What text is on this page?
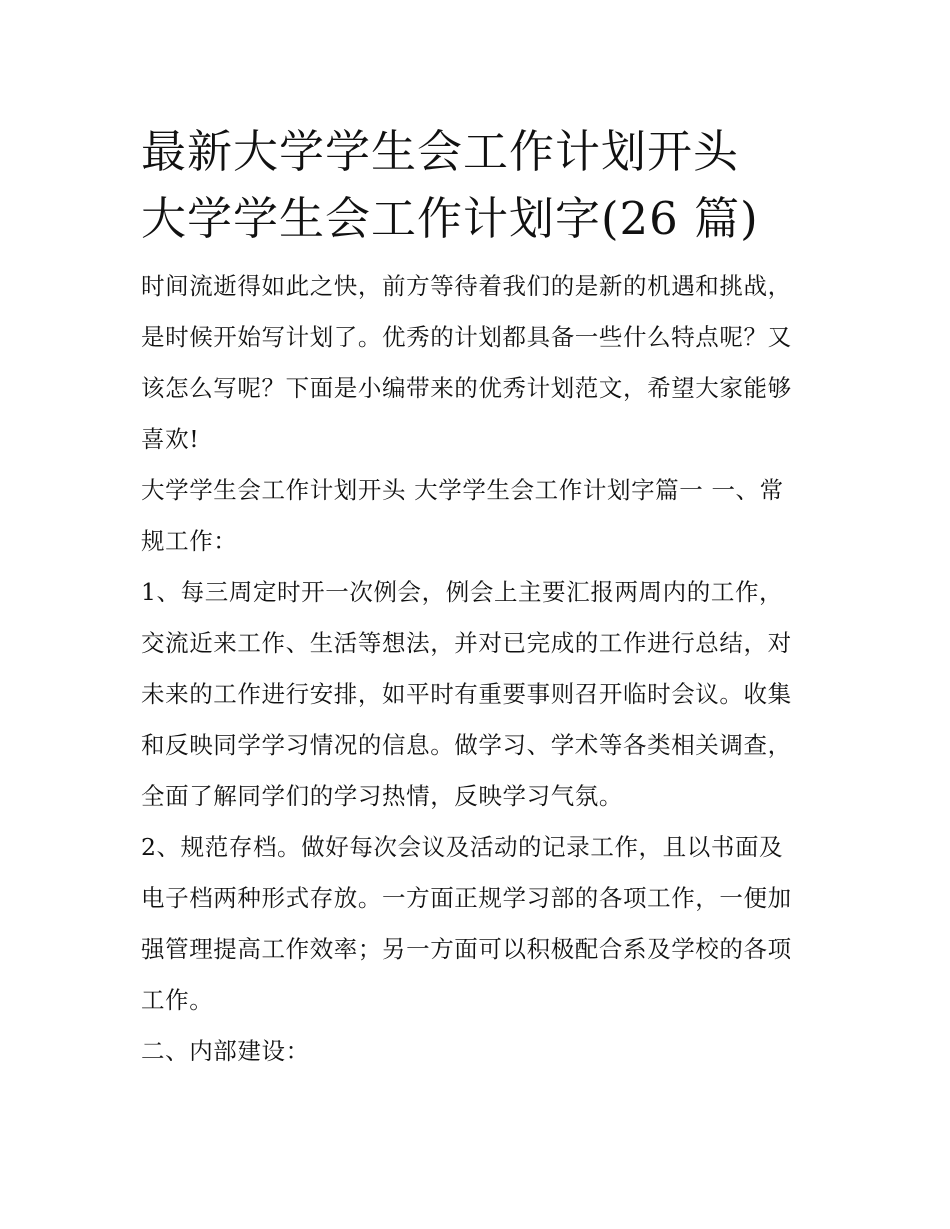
最新大学学生会工作计划开头
大学学生会工作计划字(26 篇)

时间流逝得如此之快，前方等待着我们的是新的机遇和挑战，
是时候开始写计划了。优秀的计划都具备一些什么特点呢？又
该怎么写呢？下面是小编带来的优秀计划范文，希望大家能够
喜欢!

大学学生会工作计划开头 大学学生会工作计划字篇一 一、常
规工作：

1、每三周定时开一次例会，例会上主要汇报两周内的工作，
交流近来工作、生活等想法，并对已完成的工作进行总结，对
未来的工作进行安排，如平时有重要事则召开临时会议。收集
和反映同学学习情况的信息。做学习、学术等各类相关调查，
全面了解同学们的学习热情，反映学习气氛。

2、规范存档。做好每次会议及活动的记录工作，且以书面及
电子档两种形式存放。一方面正规学习部的各项工作，一便加
强管理提高工作效率；另一方面可以积极配合系及学校的各项
工作。

二、内部建设：
